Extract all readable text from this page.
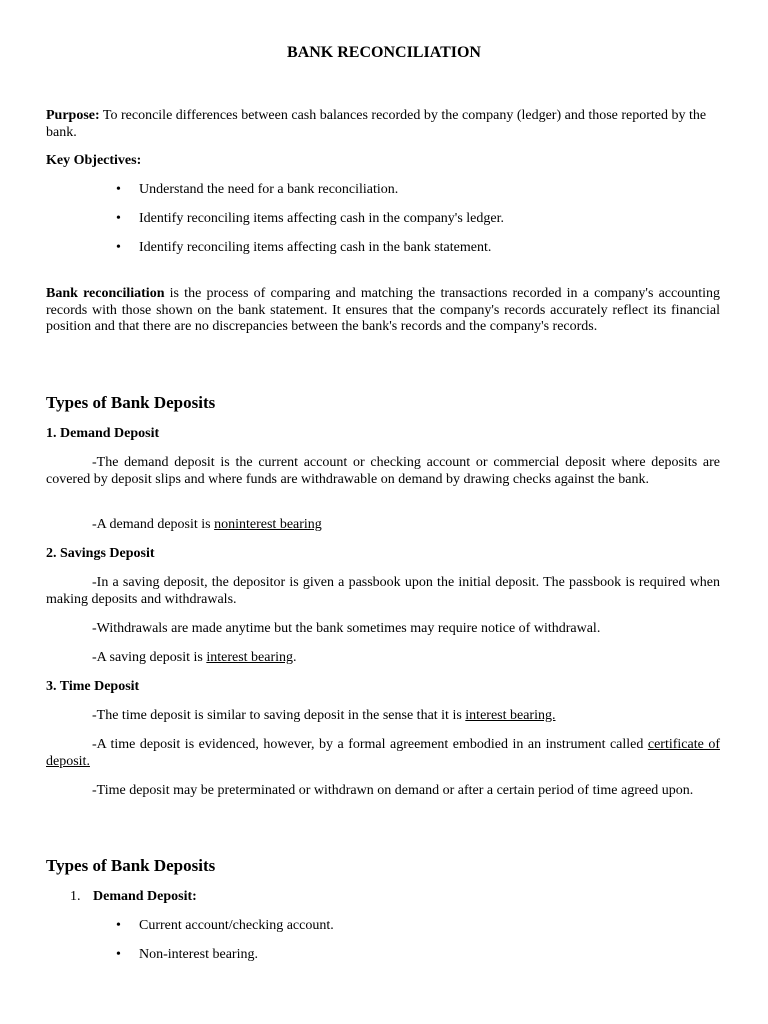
BANK RECONCILIATION

Purpose: To reconcile differences between cash balances recorded by the company (ledger) and those reported by the bank.

Key Objectives:

• Understand the need for a bank reconciliation.

• Identify reconciling items affecting cash in the company's ledger.

• Identify reconciling items affecting cash in the bank statement.

Bank reconciliation is the process of comparing and matching the transactions recorded in a company's accounting records with those shown on the bank statement. It ensures that the company's records accurately reflect its financial position and that there are no discrepancies between the bank's records and the company's records.

Types of Bank Deposits

1. Demand Deposit

-The demand deposit is the current account or checking account or commercial deposit where deposits are covered by deposit slips and where funds are withdrawable on demand by drawing checks against the bank.

-A demand deposit is noninterest bearing

2. Savings Deposit

-In a saving deposit, the depositor is given a passbook upon the initial deposit. The passbook is required when making deposits and withdrawals.

-Withdrawals are made anytime but the bank sometimes may require notice of withdrawal.

-A saving deposit is interest bearing.

3. Time Deposit

-The time deposit is similar to saving deposit in the sense that it is interest bearing.

-A time deposit is evidenced, however, by a formal agreement embodied in an instrument called certificate of deposit.

-Time deposit may be preterminated or withdrawn on demand or after a certain period of time agreed upon.

Types of Bank Deposits

1. Demand Deposit:

• Current account/checking account.

• Non-interest bearing.
